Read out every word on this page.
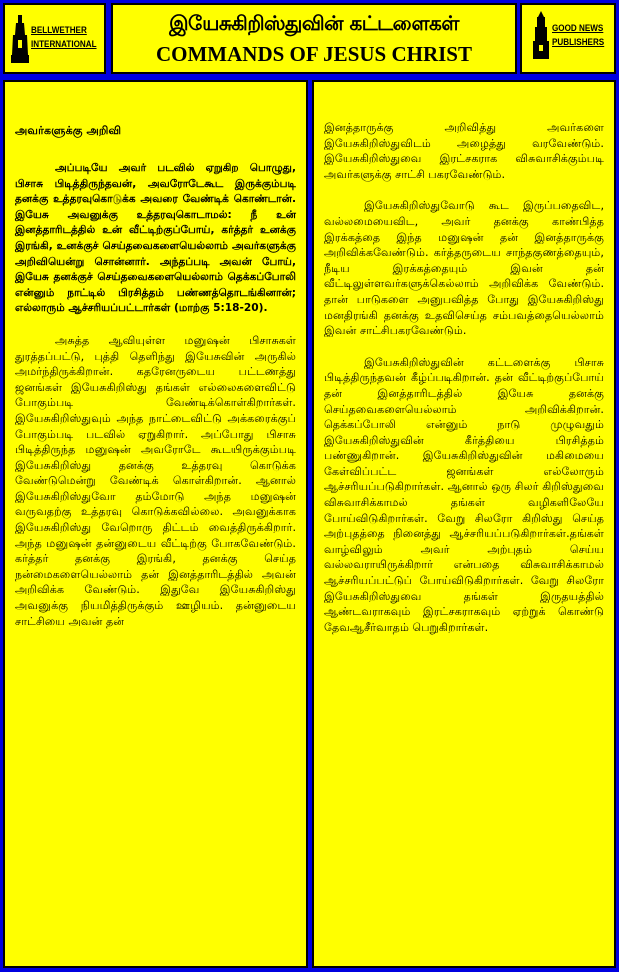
BELLWETHER
INTERNATIONAL
இயேசுகிறிஸ்துவின் கட்டளைகள்
COMMANDS OF JESUS CHRIST
GOOD NEWS
PUBLISHERS

அவர்களுக்கு அறிவி

அப்படியே அவர் படவில் ஏறுகிற பொழுது, பிசாசு பிடித்திருந்தவன், அவரோடேகூட இருக்கும்படி தனக்கு உத்தரவுகொடுக்க அவரை வேண்டிக் கொண்டான். இயேசு அவனுக்கு உத்தரவுகொடாமல்: நீ உன் இனத்தாரிடத்தில் உன் வீட்டிற்குப்போய், கர்த்தர் உனக்கு இரங்கி, உனக்குச் செய்தவைகளையெல்லாம் அவர்களுக்கு அறிவியென்று சொன்னார். அந்தப்படி அவன் போய், இயேசு தனக்குச் செய்தவைகளையெல்லாம் தெக்கப்போலி என்னும் நாட்டில் பிரசித்தம் பண்ணத்தொடங்கினான்; எல்லாரும் ஆச்சரியப்பட்டார்கள் (மாற்கு 5:18-20).

அசுத்த ஆவியுள்ள மனுஷன் பிசாசுகள் துரத்தப்பட்டு, புத்தி தெளிந்து இயேசுவின் அருகில் அமர்ந்திருக்கிறான். கதரேனருடைய பட்டணத்து ஜனங்கள் இயேசுகிறிஸ்து தங்கள் எல்லைகளைவிட்டு போகும்படி வேண்டிக்கொள்கிறார்கள். இயேசுகிறிஸ்துவும் அந்த நாட்டைவிட்டு அக்கரைக்குப் போகும்படி படவில் ஏறுகிறார். அப்போது பிசாசு பிடித்திருந்த மனுஷன் அவரோடே கூடயிருக்கும்படி இயேசுகிறிஸ்து தனக்கு உத்தரவு கொடுக்க வேண்டுமென்று வேண்டிக் கொள்கிறான். ஆனால் இயேசுகிறிஸ்துவோ தம்மோடு அந்த மனுஷன் வருவதற்கு உத்தரவு கொடுக்கவில்லை. அவனுக்காக இயேசுகிறிஸ்து வேறொரு திட்டம் வைத்திருக்கிறார். அந்த மனுஷன் தன்னுடைய வீட்டிற்கு போகவேண்டும். கர்த்தர் தனக்கு இரங்கி, தனக்கு செய்த நன்மைகளையெல்லாம் தன் இனத்தாரிடத்தில் அவன் அறிவிக்க வேண்டும். இதுவே இயேசுகிறிஸ்து அவனுக்கு நியமித்திருக்கும் ஊழியம். தன்னுடைய சாட்சியை அவன் தன்

இனத்தாருக்கு அறிவித்து அவர்களை இயேசுகிறிஸ்துவிடம் அழைத்து வரவேண்டும். இயேசுகிறிஸ்துவை இரட்சகராக விசுவாசிக்கும்படி அவர்களுக்கு சாட்சி பகரவேண்டும்.

இயேசுகிறிஸ்துவோடு கூட இருப்பதைவிட, வல்லமையைவிட, அவர் தனக்கு காண்பித்த இரக்கத்தை இந்த மனுஷன் தன் இனத்தாருக்கு அறிவிக்கவேண்டும். கர்த்தருடைய சாந்தகுணத்தையும், நீடிய இரக்கத்தையும் இவன் தன் வீட்டிலுள்ளவர்களுக்கெல்லாம் அறிவிக்க வேண்டும். தான் பாடுகளை அனுபவித்த போது இயேசுகிறிஸ்து மனதிரங்கி தனக்கு உதவிசெய்த சம்பவத்தையெல்லாம் இவன் சாட்சிபகரவேண்டும்.

இயேசுகிறிஸ்துவின் கட்டளைக்கு பிசாசு பிடித்திருந்தவன் கீழ்ப்படிகிறான். தன் வீட்டிற்குப்போய் தன் இனத்தாரிடத்தில் இயேசு தனக்கு செய்தவைகளையெல்லாம் அறிவிக்கிறான். தெக்கப்போலி என்னும் நாடு முழுவதும் இயேசுகிறிஸ்துவின் கீர்த்தியை பிரசித்தம் பண்ணுகிறான். இயேசுகிறிஸ்துவின் மகிமையை கேள்விப்பட்ட ஜனங்கள் எல்லோரும் ஆச்சரியப்படுகிறார்கள். ஆனால் ஒரு சிலர் கிறிஸ்துவை விசுவாசிக்காமல் தங்கள் வழிகளிலேயே போய்விடுகிறார்கள். வேறு சிலரோ கிறிஸ்து செய்த அற்புதத்தை நினைத்து ஆச்சரியப்படுகிறார்கள்.தங்கள் வாழ்விலும் அவர் அற்புதம் செய்ய வல்லவராயிருக்கிறார் என்பதை விசுவாசிக்காமல் ஆச்சரியப்பட்டுப் போய்விடுகிறார்கள். வேறு சிலரோ இயேசுகிறிஸ்துவை தங்கள் இருதயத்தில் ஆண்டவராகவும் இரட்சகராகவும் ஏற்றுக் கொண்டு தேவஆசீர்வாதம் பெறுகிறார்கள்.
